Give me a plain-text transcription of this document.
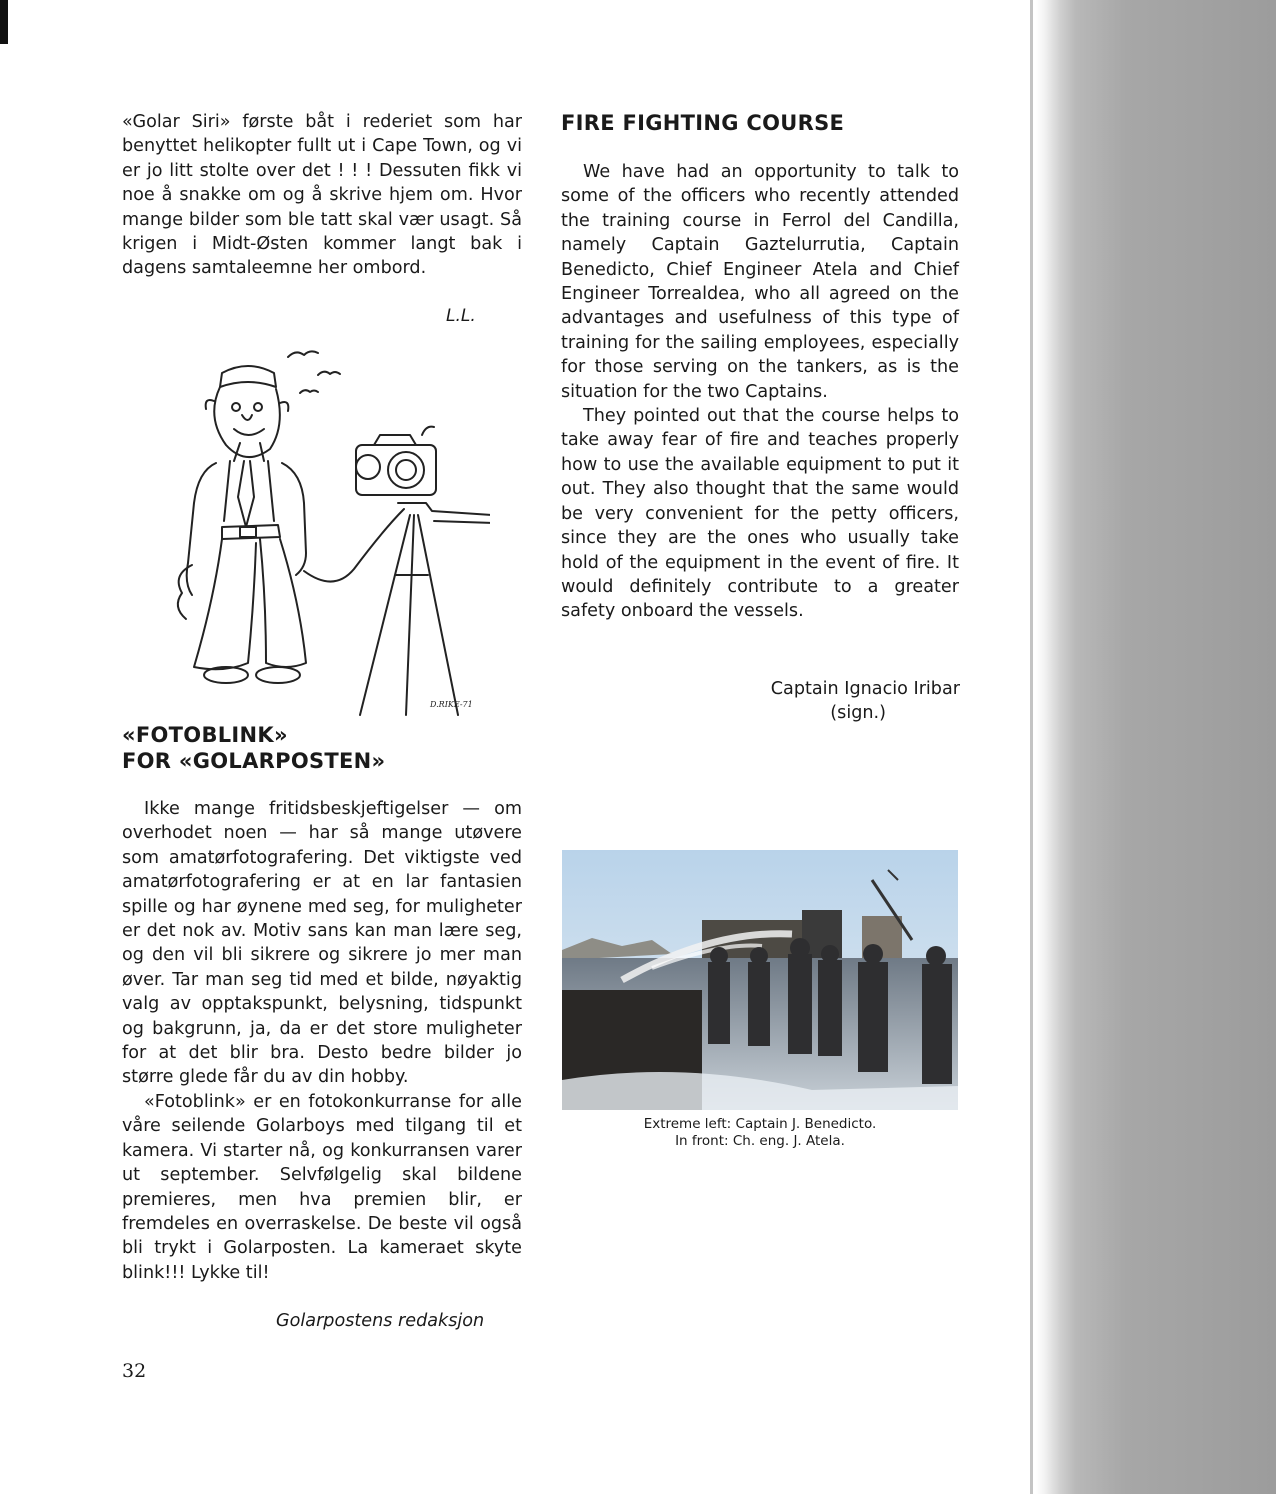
«Golar Siri» første båt i rederiet som har benyttet helikopter fullt ut i Cape Town, og vi er jo litt stolte over det ! ! ! Dessuten fikk vi noe å snakke om og å skrive hjem om. Hvor mange bilder som ble tatt skal vær usagt. Så krigen i Midt-Østen kommer langt bak i dagens samtaleemne her ombord.

L.L.
D.RIKE-71

«FOTOBLINK»

FOR «GOLARPOSTEN»

Ikke mange fritidsbeskjeftigelser — om overhodet noen — har så mange utøvere som amatørfotografering. Det viktigste ved amatørfotografering er at en lar fantasien spille og har øynene med seg, for muligheter er det nok av. Motiv sans kan man lære seg, og den vil bli sikrere og sikrere jo mer man øver. Tar man seg tid med et bilde, nøyaktig valg av opptakspunkt, belysning, tidspunkt og bakgrunn, ja, da er det store muligheter for at det blir bra. Desto bedre bilder jo større glede får du av din hobby.

«Fotoblink» er en fotokonkurranse for alle våre seilende Golarboys med tilgang til et kamera. Vi starter nå, og konkurransen varer ut september. Selvfølgelig skal bildene premieres, men hva premien blir, er fremdeles en overraskelse. De beste vil også bli trykt i Golarposten. La kameraet skyte blink!!! Lykke til!

Golarpostens redaksjon
FIRE FIGHTING COURSE

We have had an opportunity to talk to some of the officers who recently attended the training course in Ferrol del Candilla, namely Captain Gaztelurrutia, Captain Benedicto, Chief Engineer Atela and Chief Engineer Torrealdea, who all agreed on the advantages and usefulness of this type of training for the sailing employees, especially for those serving on the tankers, as is the situation for the two Captains.

They pointed out that the course helps to take away fear of fire and teaches properly how to use the available equipment to put it out. They also thought that the same would be very convenient for the petty officers, since they are the ones who usually take hold of the equipment in the event of fire. It would definitely contribute to a greater safety onboard the vessels.

Captain Ignacio Iribar
(sign.)
Extreme left: Captain J. Benedicto.
In front: Ch. eng. J. Atela.
32
